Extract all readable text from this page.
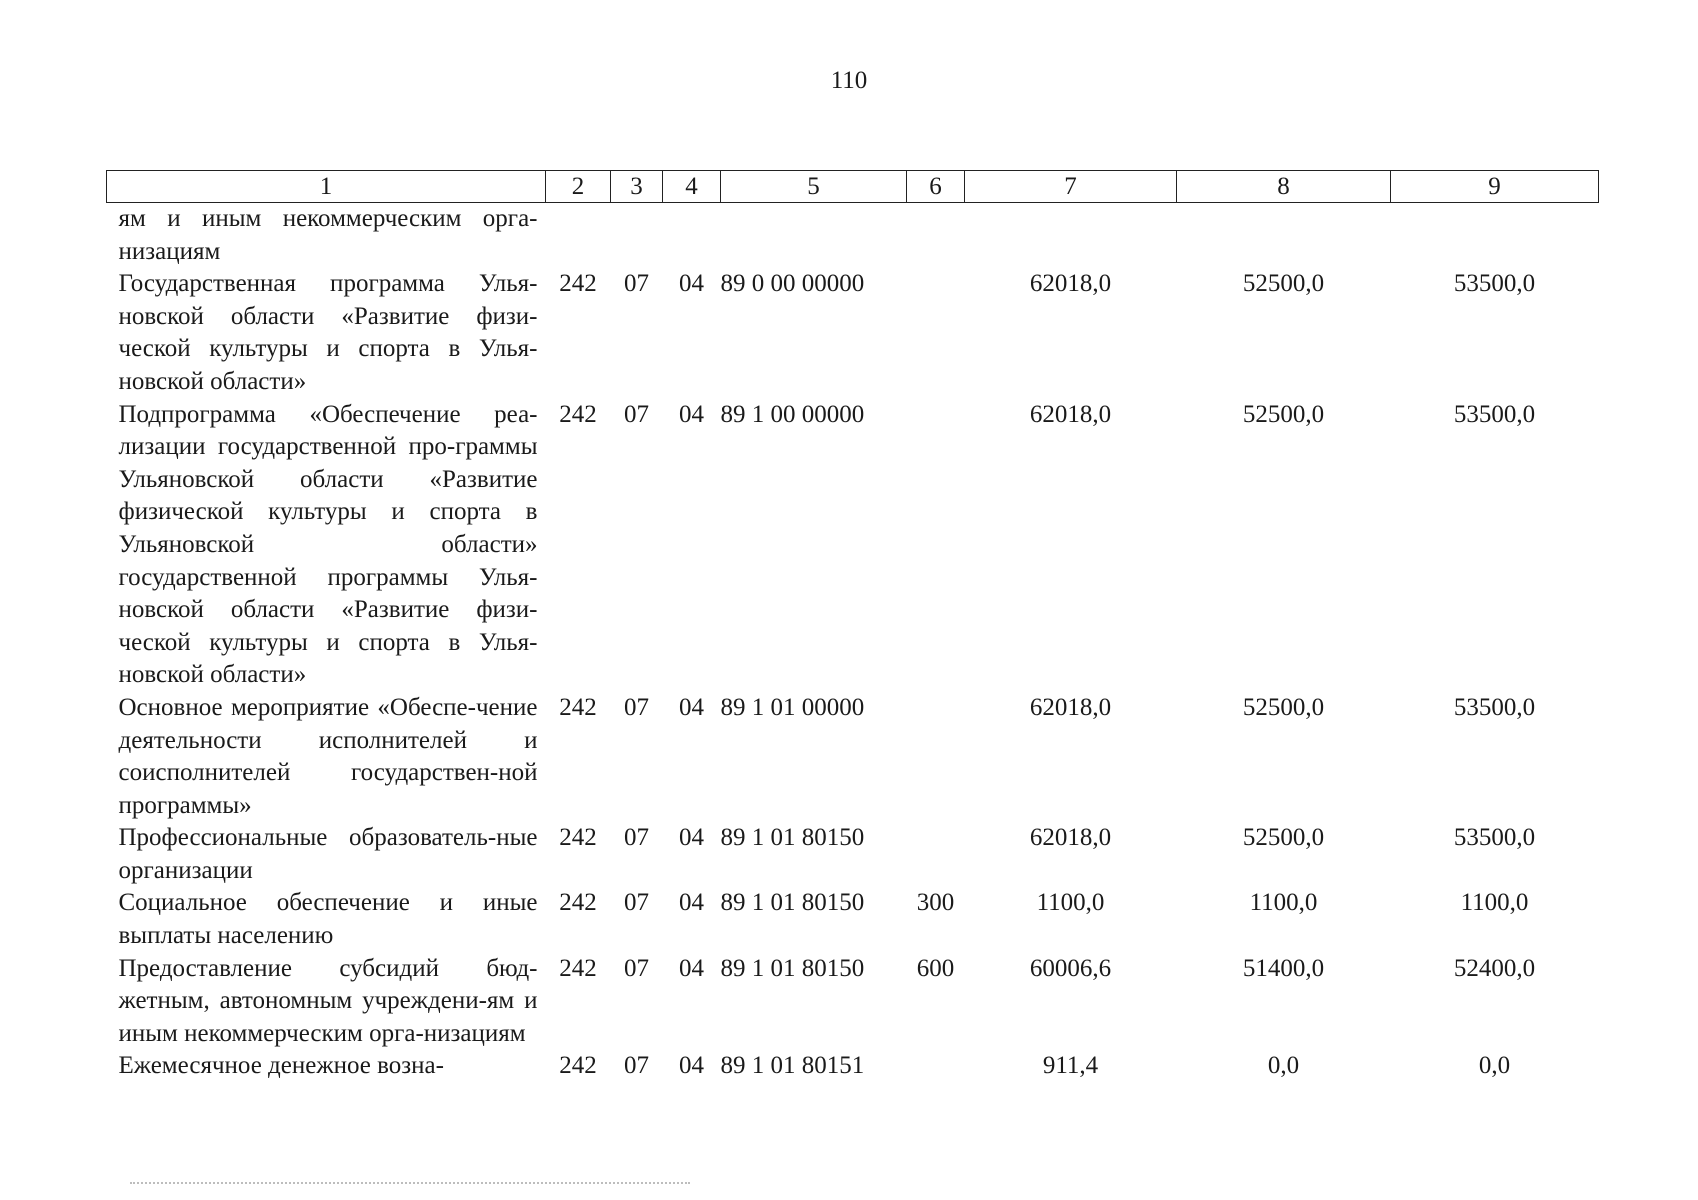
110
1	2	3	4	5	6	7	8	9
ям и иным некоммерческим орга-низациям								
Государственная программа Улья-новской области «Развитие физи-ческой культуры и спорта в Улья-новской области»	242	07	04	89 0 00 00000		62018,0	52500,0	53500,0
Подпрограмма «Обеспечение реа-лизации государственной про-граммы Ульяновской области «Развитие физической культуры и спорта в Ульяновской области» государственной программы Улья-новской области «Развитие физи-ческой культуры и спорта в Улья-новской области»	242	07	04	89 1 00 00000		62018,0	52500,0	53500,0
Основное мероприятие «Обеспе-чение деятельности исполнителей и соисполнителей государствен-ной программы»	242	07	04	89 1 01 00000		62018,0	52500,0	53500,0
Профессиональные образователь-ные организации	242	07	04	89 1 01 80150		62018,0	52500,0	53500,0
Социальное обеспечение и иные выплаты населению	242	07	04	89 1 01 80150	300	1100,0	1100,0	1100,0
Предоставление субсидий бюд-жетным, автономным учреждени-ям и иным некоммерческим орга-низациям	242	07	04	89 1 01 80150	600	60006,6	51400,0	52400,0
Ежемесячное денежное возна-	242	07	04	89 1 01 80151		911,4	0,0	0,0
